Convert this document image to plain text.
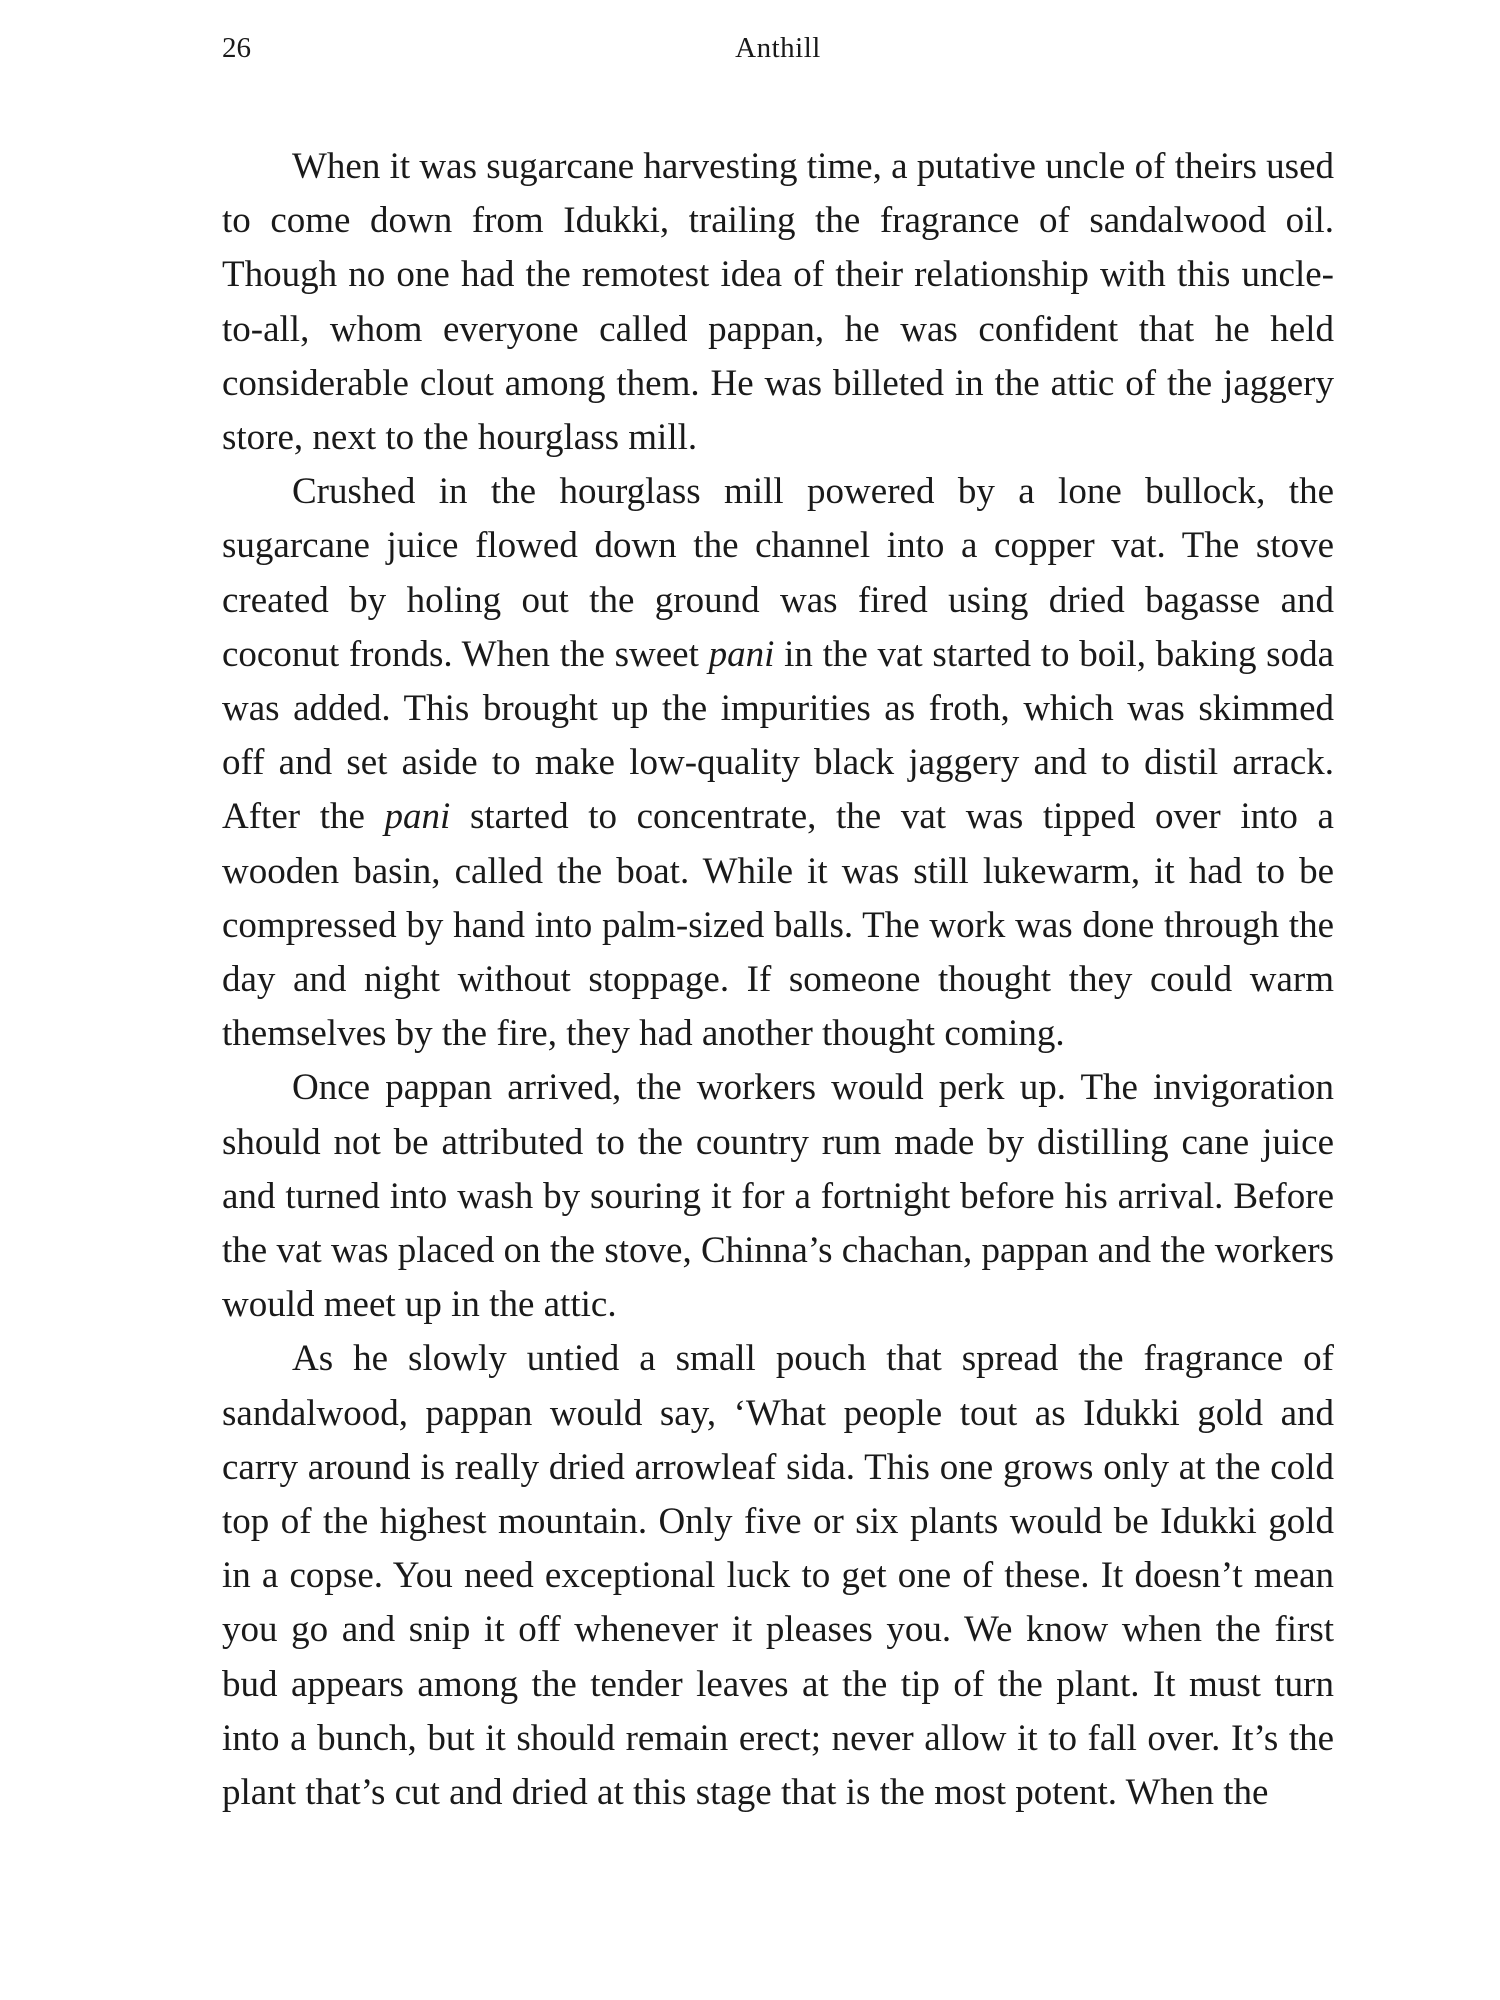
26	Anthill

When it was sugarcane harvesting time, a putative uncle of theirs used to come down from Idukki, trailing the fragrance of sandalwood oil. Though no one had the remotest idea of their relationship with this uncle-to-all, whom everyone called pappan, he was confident that he held considerable clout among them. He was billeted in the attic of the jaggery store, next to the hourglass mill.

Crushed in the hourglass mill powered by a lone bullock, the sugarcane juice flowed down the channel into a copper vat. The stove created by holing out the ground was fired using dried bagasse and coconut fronds. When the sweet pani in the vat started to boil, baking soda was added. This brought up the impurities as froth, which was skimmed off and set aside to make low-quality black jaggery and to distil arrack. After the pani started to concentrate, the vat was tipped over into a wooden basin, called the boat. While it was still lukewarm, it had to be compressed by hand into palm-sized balls. The work was done through the day and night without stoppage. If someone thought they could warm themselves by the fire, they had another thought coming.

Once pappan arrived, the workers would perk up. The invigoration should not be attributed to the country rum made by distilling cane juice and turned into wash by souring it for a fortnight before his arrival. Before the vat was placed on the stove, Chinna’s chachan, pappan and the workers would meet up in the attic.

As he slowly untied a small pouch that spread the fragrance of sandalwood, pappan would say, ‘What people tout as Idukki gold and carry around is really dried arrowleaf sida. This one grows only at the cold top of the highest mountain. Only five or six plants would be Idukki gold in a copse. You need exceptional luck to get one of these. It doesn’t mean you go and snip it off whenever it pleases you. We know when the first bud appears among the tender leaves at the tip of the plant. It must turn into a bunch, but it should remain erect; never allow it to fall over. It’s the plant that’s cut and dried at this stage that is the most potent. When the
